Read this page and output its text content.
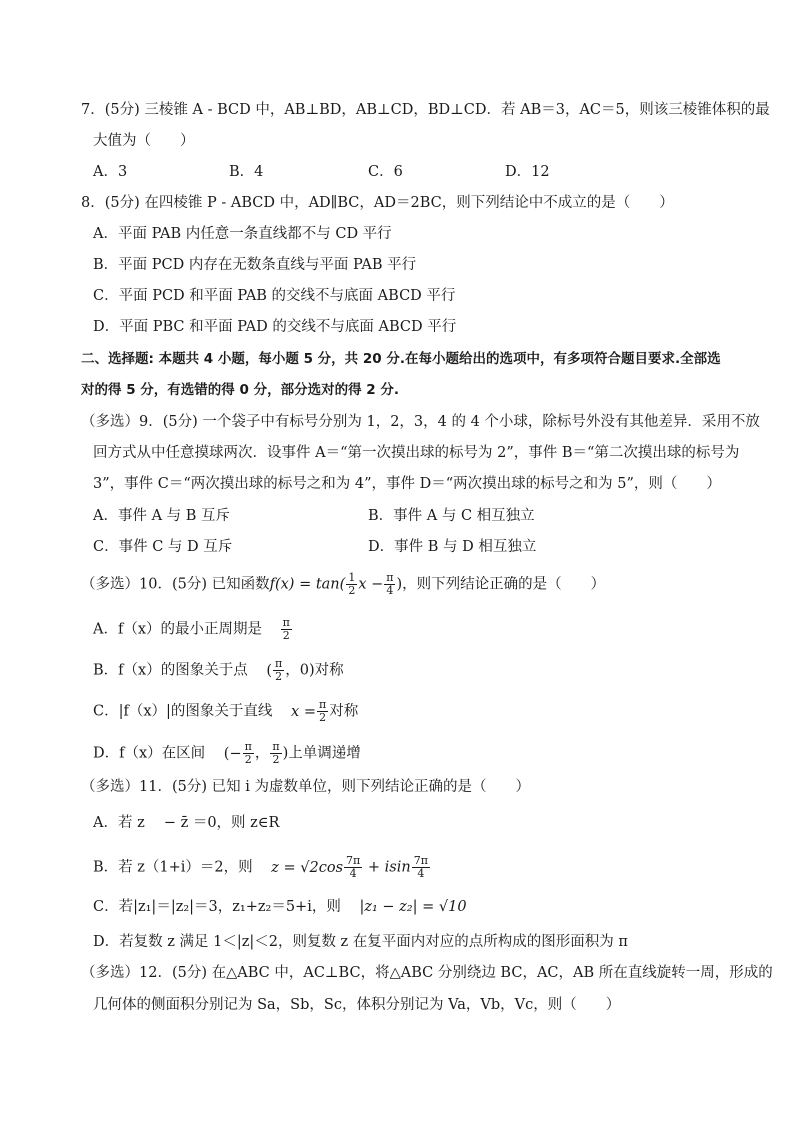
7．(5分) 三棱锥 A - BCD 中，AB⊥BD，AB⊥CD，BD⊥CD．若 AB＝3，AC＝5，则该三棱锥体积的最
大值为（　　）
A．3	B．4	C．6	D．12
8．(5分) 在四棱锥 P - ABCD 中，AD∥BC，AD＝2BC，则下列结论中不成立的是（　　）
A．平面 PAB 内任意一条直线都不与 CD 平行
B．平面 PCD 内存在无数条直线与平面 PAB 平行
C．平面 PCD 和平面 PAB 的交线不与底面 ABCD 平行
D．平面 PBC 和平面 PAD 的交线不与底面 ABCD 平行
二、选择题: 本题共 4 小题，每小题 5 分，共 20 分.在每小题给出的选项中，有多项符合题目要求.全部选
对的得 5 分，有选错的得 0 分，部分选对的得 2 分.
（多选）9．(5分) 一个袋子中有标号分别为 1，2，3，4 的 4 个小球，除标号外没有其他差异．采用不放
回方式从中任意摸球两次．设事件 A＝“第一次摸出球的标号为 2”，事件 B＝“第二次摸出球的标号为
3”，事件 C＝“两次摸出球的标号之和为 4”，事件 D＝“两次摸出球的标号之和为 5”，则（　　）
A．事件 A 与 B 互斥	B．事件 A 与 C 相互独立
C．事件 C 与 D 互斥	D．事件 B 与 D 相互独立
（多选）10．(5分) 已知函数$f(x) = \tan( \frac{1}{2}$ $x - \frac{\pi}{4}$ )，则下列结论正确的是（　　）
A．f（x）的最小正周期是 $\frac{\pi}{2}$
B．f（x）的图象关于点 ( $\frac{\pi}{2}$ ，0)对称
C．|f（x）|的图象关于直线 $x = \frac{\pi}{2}$ 对称
D．f（x）在区间 (− $\frac{\pi}{2}$ ， $\frac{\pi}{2}$ )上单调递增
（多选）11．(5分) 已知 i 为虚数单位，则下列结论正确的是（　　）
A．若 z　 − z̄ ＝0，则 z∈R
B．若 z（1+i）＝2，则 $z = √2\cos \frac{7\pi}{4} + isin \frac{7\pi}{4}$
C．若|z₁|＝|z₂|＝3，z₁+z₂＝5+i，则 |z₁ − z₂| = √10
D．若复数 z 满足 1＜|z|＜2，则复数 z 在复平面内对应的点所构成的图形面积为 π
（多选）12．(5分) 在△ABC 中，AC⊥BC，将△ABC 分别绕边 BC，AC，AB 所在直线旋转一周，形成的
几何体的侧面积分别记为 Sa，Sb，Sc，体积分别记为 Va，Vb，Vc，则（　　）
